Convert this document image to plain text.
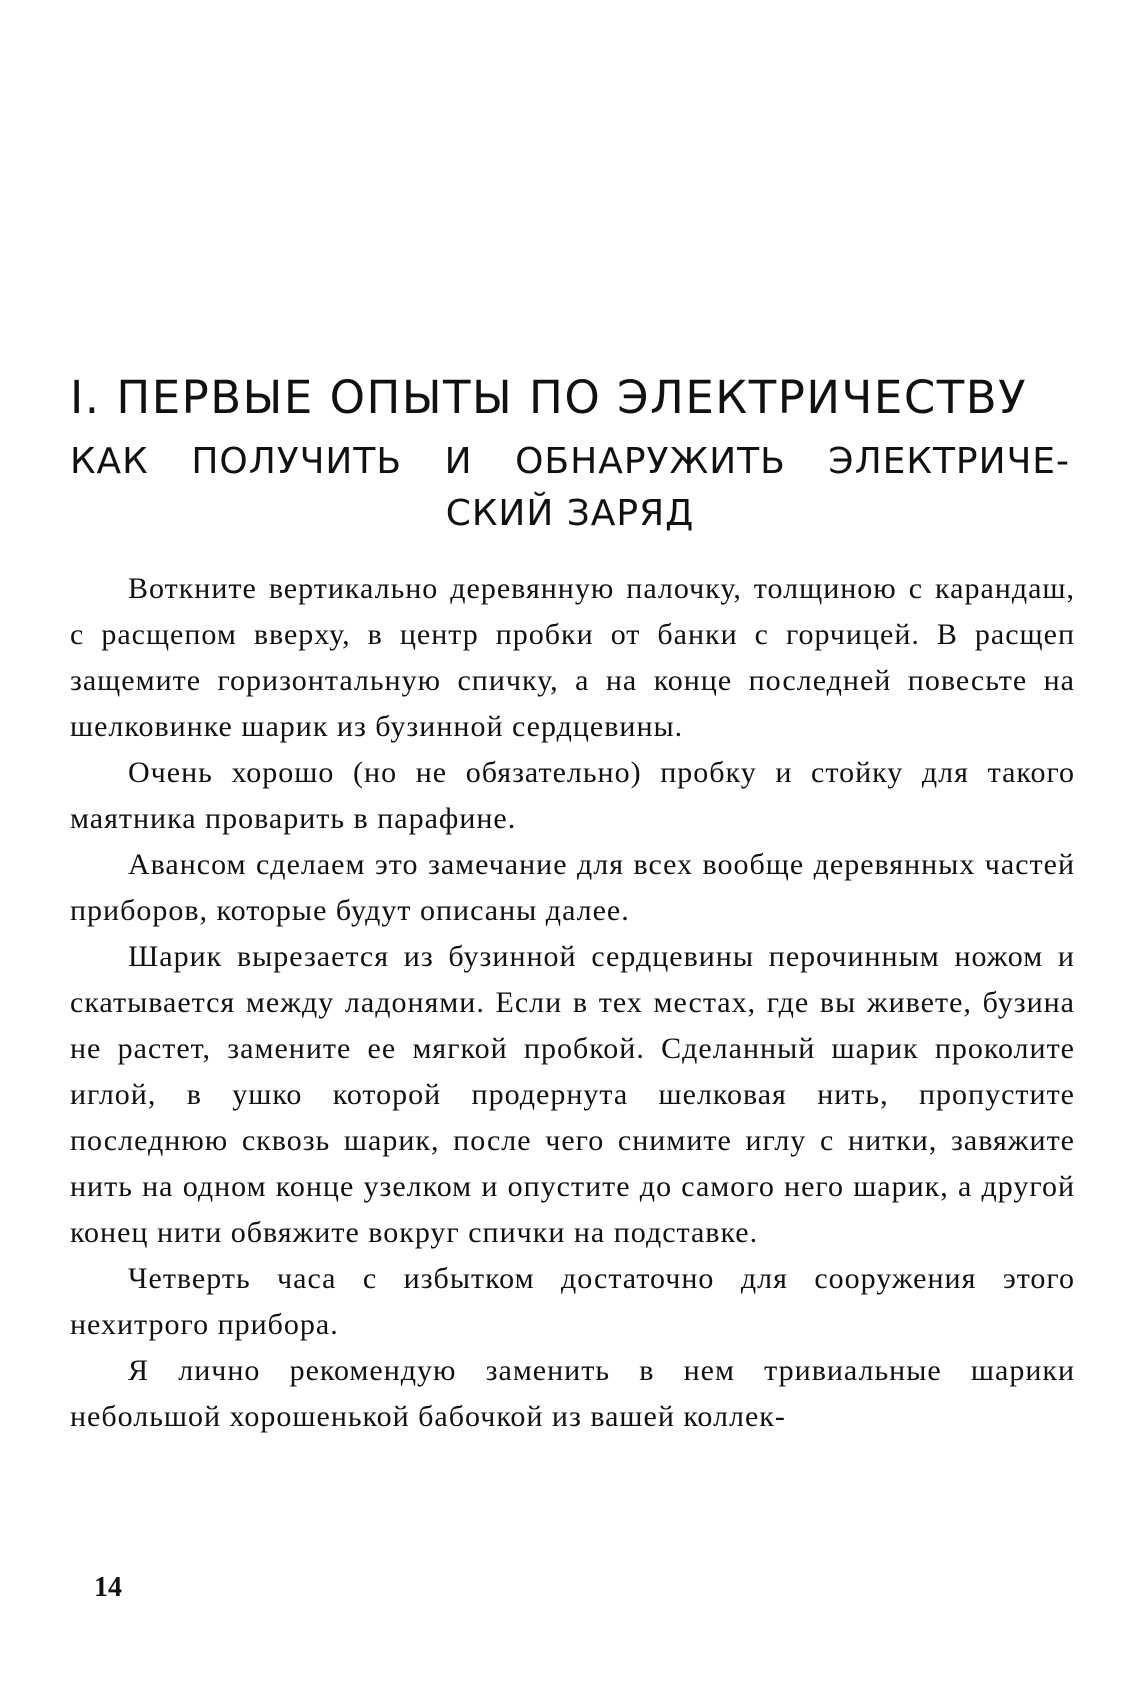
I. ПЕРВЫЕ ОПЫТЫ ПО ЭЛЕКТРИЧЕСТВУ
КАК ПОЛУЧИТЬ И ОБНАРУЖИТЬ ЭЛЕКТРИЧЕ-
СКИЙ ЗАРЯД

Воткните вертикально деревянную палочку, толщиною с карандаш, с расщепом вверху, в центр пробки от банки с горчицей. В расщеп защемите горизонтальную спичку, а на конце последней повесьте на шелковинке шарик из бузинной сердцевины.

Очень хорошо (но не обязательно) пробку и стойку для такого маятника проварить в парафине.

Авансом сделаем это замечание для всех вообще деревянных частей приборов, которые будут описаны далее.

Шарик вырезается из бузинной сердцевины перочинным ножом и скатывается между ладонями. Если в тех местах, где вы живете, бузина не растет, замените ее мягкой пробкой. Сделанный шарик проколите иглой, в ушко которой продернута шелковая нить, пропустите последнюю сквозь шарик, после чего снимите иглу с нитки, завяжите нить на одном конце узелком и опустите до самого него шарик, а другой конец нити обвяжите вокруг спички на подставке.

Четверть часа с избытком достаточно для сооружения этого нехитрого прибора.

Я лично рекомендую заменить в нем тривиальные шарики небольшой хорошенькой бабочкой из вашей коллек-

14
